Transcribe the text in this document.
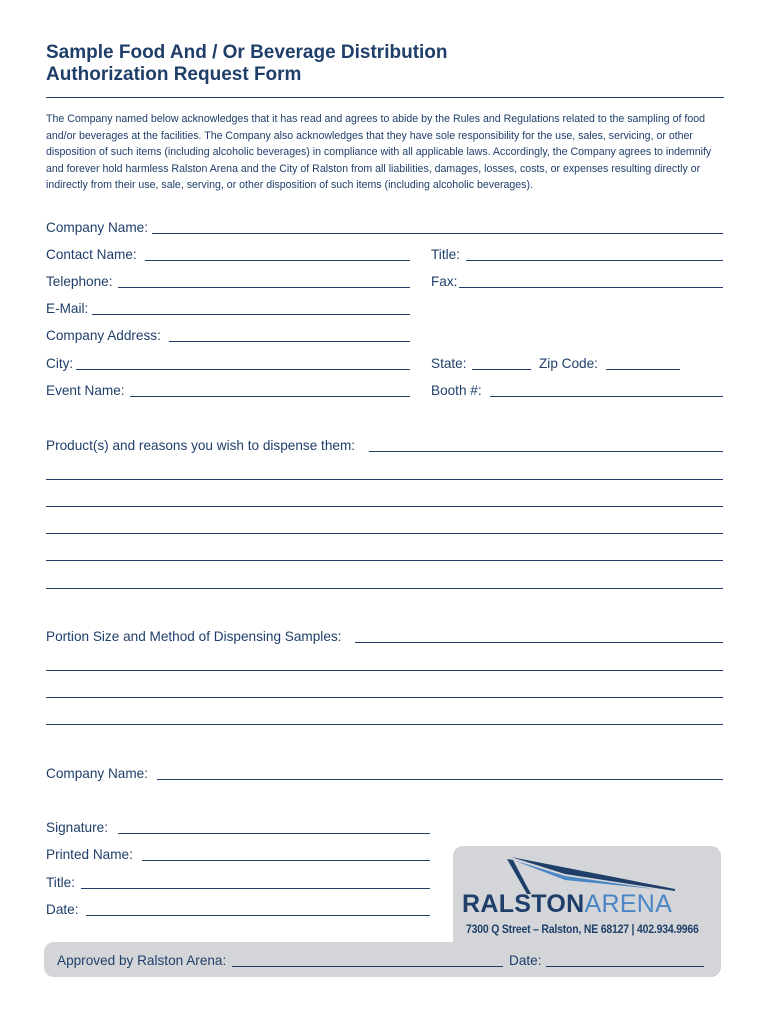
Sample Food And / Or Beverage Distribution
Authorization Request Form
The Company named below acknowledges that it has read and agrees to abide by the Rules and Regulations related to the sampling of food and/or beverages at the facilities. The Company also acknowledges that they have sole responsibility for the use, sales, servicing, or other disposition of such items (including alcoholic beverages) in compliance with all applicable laws. Accordingly, the Company agrees to indemnify and forever hold harmless Ralston Arena and the City of Ralston from all liabilities, damages, losses, costs, or expenses resulting directly or indirectly from their use, sale, serving, or other disposition of such items (including alcoholic beverages).
Company Name:
Contact Name:	Title:
Telephone:	Fax:
E-Mail:
Company Address:
City:	State:	Zip Code:
Event Name:	Booth #:
Product(s) and reasons you wish to dispense them:
Portion Size and Method of Dispensing Samples:
Company Name:
Signature:
Printed Name:
Title:
Date:	RALSTONARENA
7300 Q Street – Ralston, NE 68127 | 402.934.9966
Approved by Ralston Arena:	Date:
